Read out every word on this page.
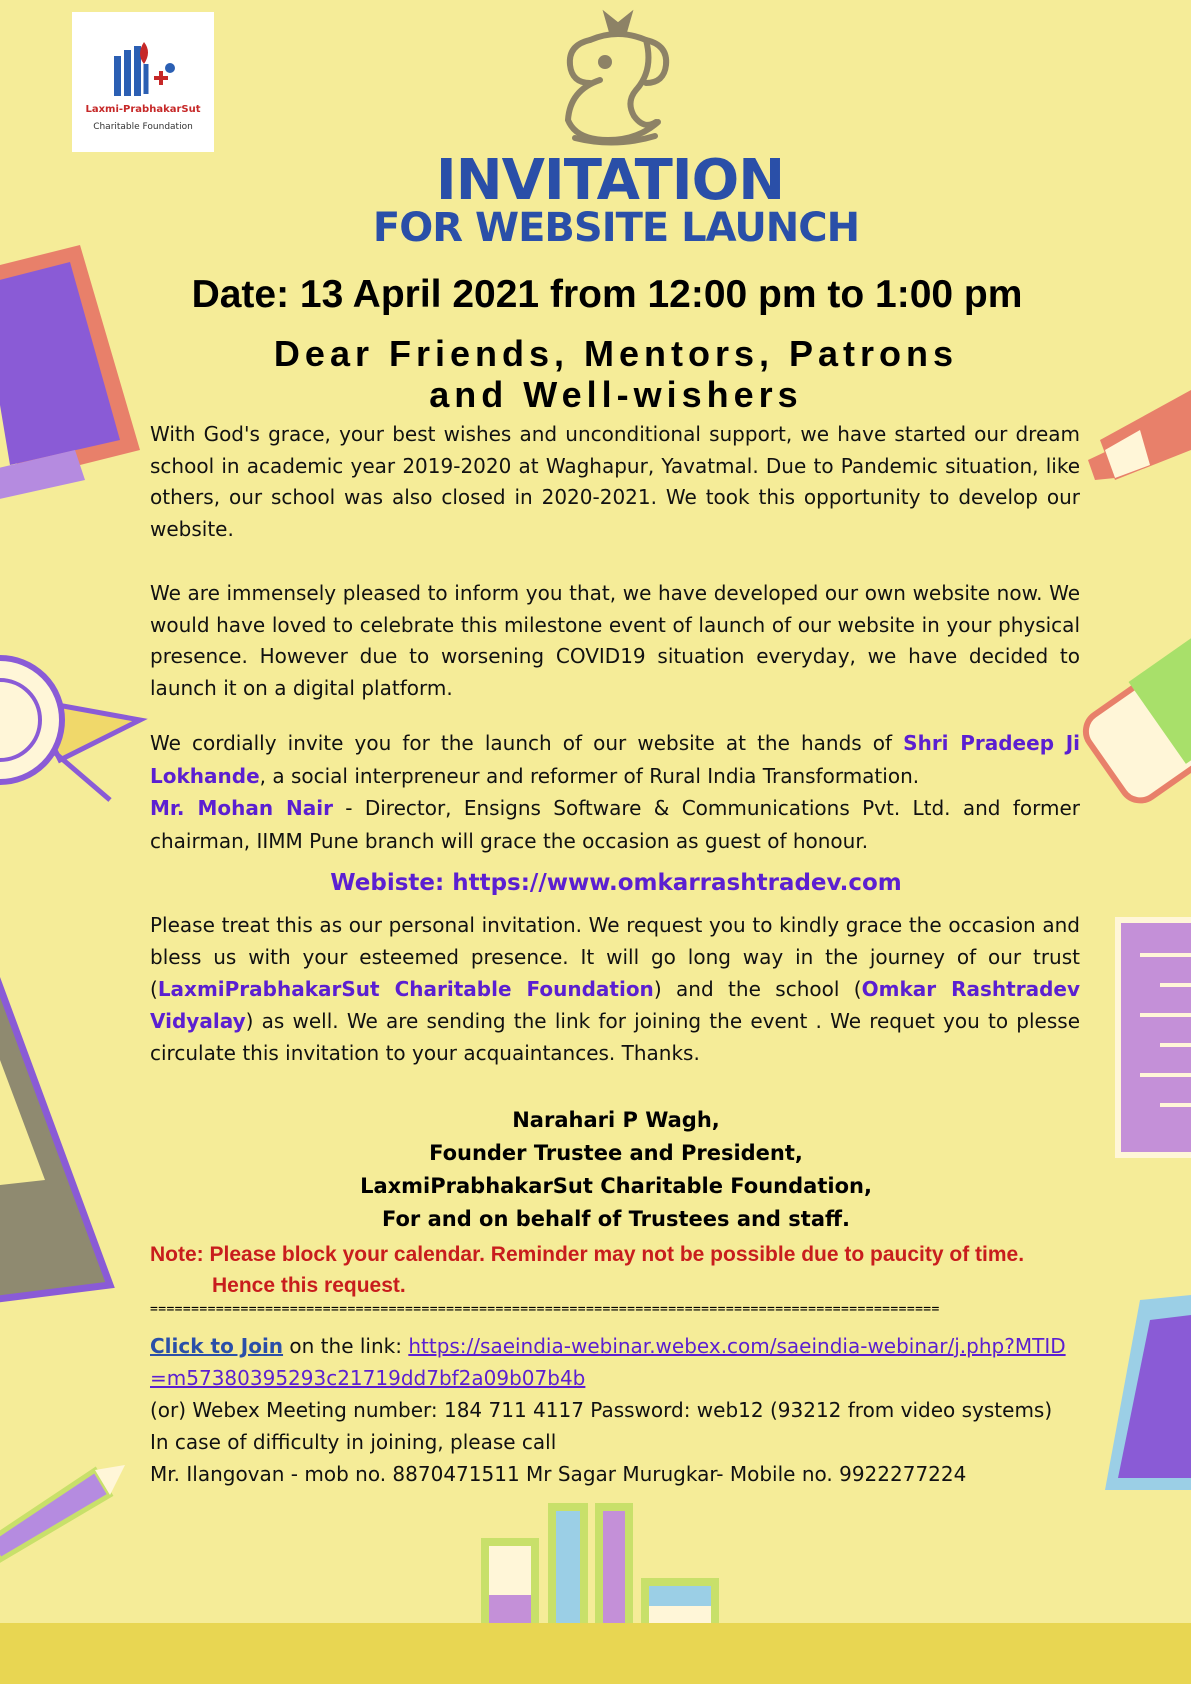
Charitable Foundation
Laxmi-PrabhakarSut
INVITATION
FOR WEBSITE LAUNCH
Date: 13 April 2021 from 12:00 pm to 1:00 pm
Dear Friends, Mentors, Patrons
and Well-wishers
With God's grace, your best wishes and unconditional support, we have started our dream school in academic year 2019-2020 at Waghapur, Yavatmal. Due to Pandemic situation, like others, our school was also closed in 2020-2021. We took this opportunity to develop our website.
We are immensely pleased to inform you that, we have developed our own website now. We would have loved to celebrate this milestone event of launch of our website in your physical presence. However due to worsening COVID19 situation everyday, we have decided to launch it on a digital platform.
We cordially invite you for the launch of our website at the hands of Shri Pradeep Ji Lokhande, a social interpreneur and reformer of Rural India Transformation.
Mr. Mohan Nair - Director, Ensigns Software & Communications Pvt. Ltd. and former chairman, IIMM Pune branch will grace the occasion as guest of honour.
Webiste: https://www.omkarrashtradev.com
Please treat this as our personal invitation. We request you to kindly grace the occasion and bless us with your esteemed presence. It will go long way in the journey of our trust (LaxmiPrabhakarSut Charitable Foundation) and the school (Omkar Rashtradev Vidyalay) as well. We are sending the link for joining the event . We requet you to plesse circulate this invitation to your acquaintances. Thanks.
Narahari P Wagh,
Founder Trustee and President,
LaxmiPrabhakarSut Charitable Foundation,
For and on behalf of Trustees and staff.
Note: Please block your calendar. Reminder may not be possible due to paucity of time.
Hence this request.
================================================================================================
Click to Join on the link: https://saeindia-webinar.webex.com/saeindia-webinar/j.php?MTID=m57380395293c21719dd7bf2a09b07b4b
(or) Webex Meeting number: 184 711 4117 Password: web12 (93212 from video systems)
In case of difficulty in joining, please call
Mr. Ilangovan - mob no. 8870471511 Mr Sagar Murugkar- Mobile no. 9922277224
